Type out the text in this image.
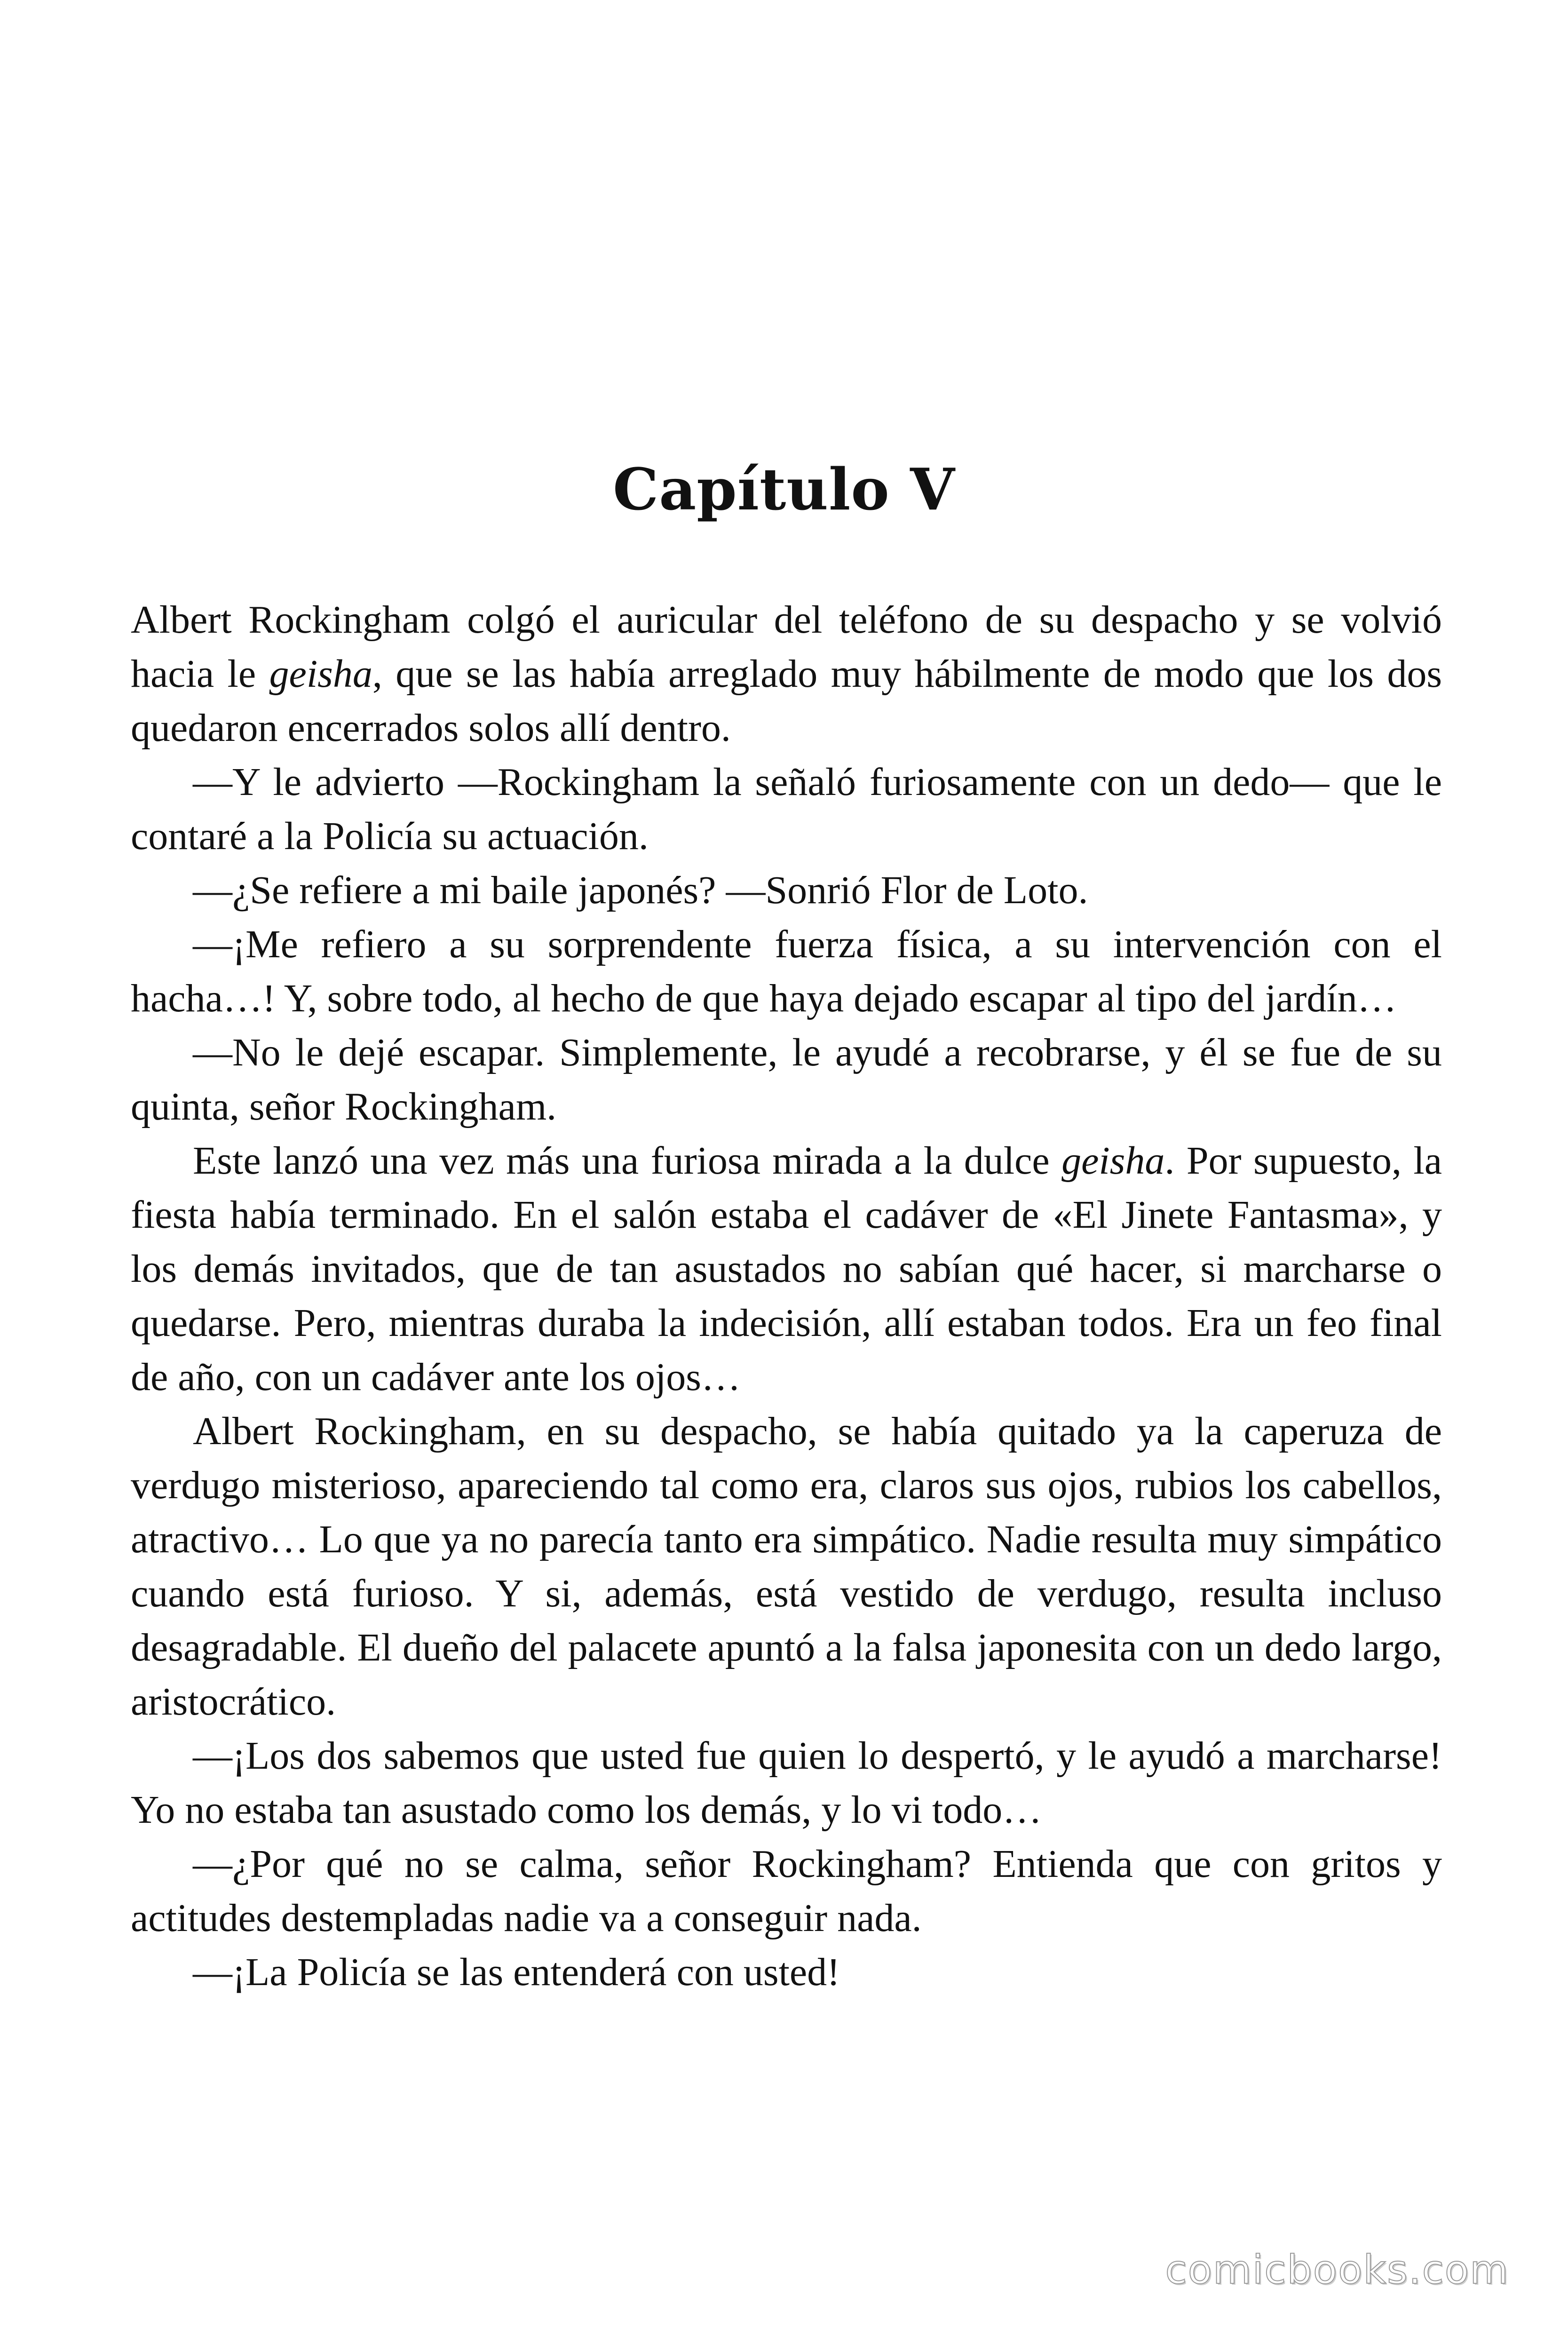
Capítulo V

Albert Rockingham colgó el auricular del teléfono de su despacho y se volvió hacia le geisha, que se las había arreglado muy hábilmente de modo que los dos quedaron encerrados solos allí dentro.

—Y le advierto —Rockingham la señaló furiosamente con un dedo— que le contaré a la Policía su actuación.

—¿Se refiere a mi baile japonés? —Sonrió Flor de Loto.

—¡Me refiero a su sorprendente fuerza física, a su intervención con el hacha…! Y, sobre todo, al hecho de que haya dejado escapar al tipo del jardín…

—No le dejé escapar. Simplemente, le ayudé a recobrarse, y él se fue de su quinta, señor Rockingham.

Este lanzó una vez más una furiosa mirada a la dulce geisha. Por supuesto, la fiesta había terminado. En el salón estaba el cadáver de «El Jinete Fantasma», y los demás invitados, que de tan asustados no sabían qué hacer, si marcharse o quedarse. Pero, mientras duraba la indecisión, allí estaban todos. Era un feo final de año, con un cadáver ante los ojos…

Albert Rockingham, en su despacho, se había quitado ya la caperuza de verdugo misterioso, apareciendo tal como era, claros sus ojos, rubios los cabellos, atractivo… Lo que ya no parecía tanto era simpático. Nadie resulta muy simpático cuando está furioso. Y si, además, está vestido de verdugo, resulta incluso desagradable. El dueño del palacete apuntó a la falsa japonesita con un dedo largo, aristocrático.

—¡Los dos sabemos que usted fue quien lo despertó, y le ayudó a marcharse! Yo no estaba tan asustado como los demás, y lo vi todo…

—¿Por qué no se calma, señor Rockingham? Entienda que con gritos y actitudes destempladas nadie va a conseguir nada.

—¡La Policía se las entenderá con usted!

comicbooks.com
